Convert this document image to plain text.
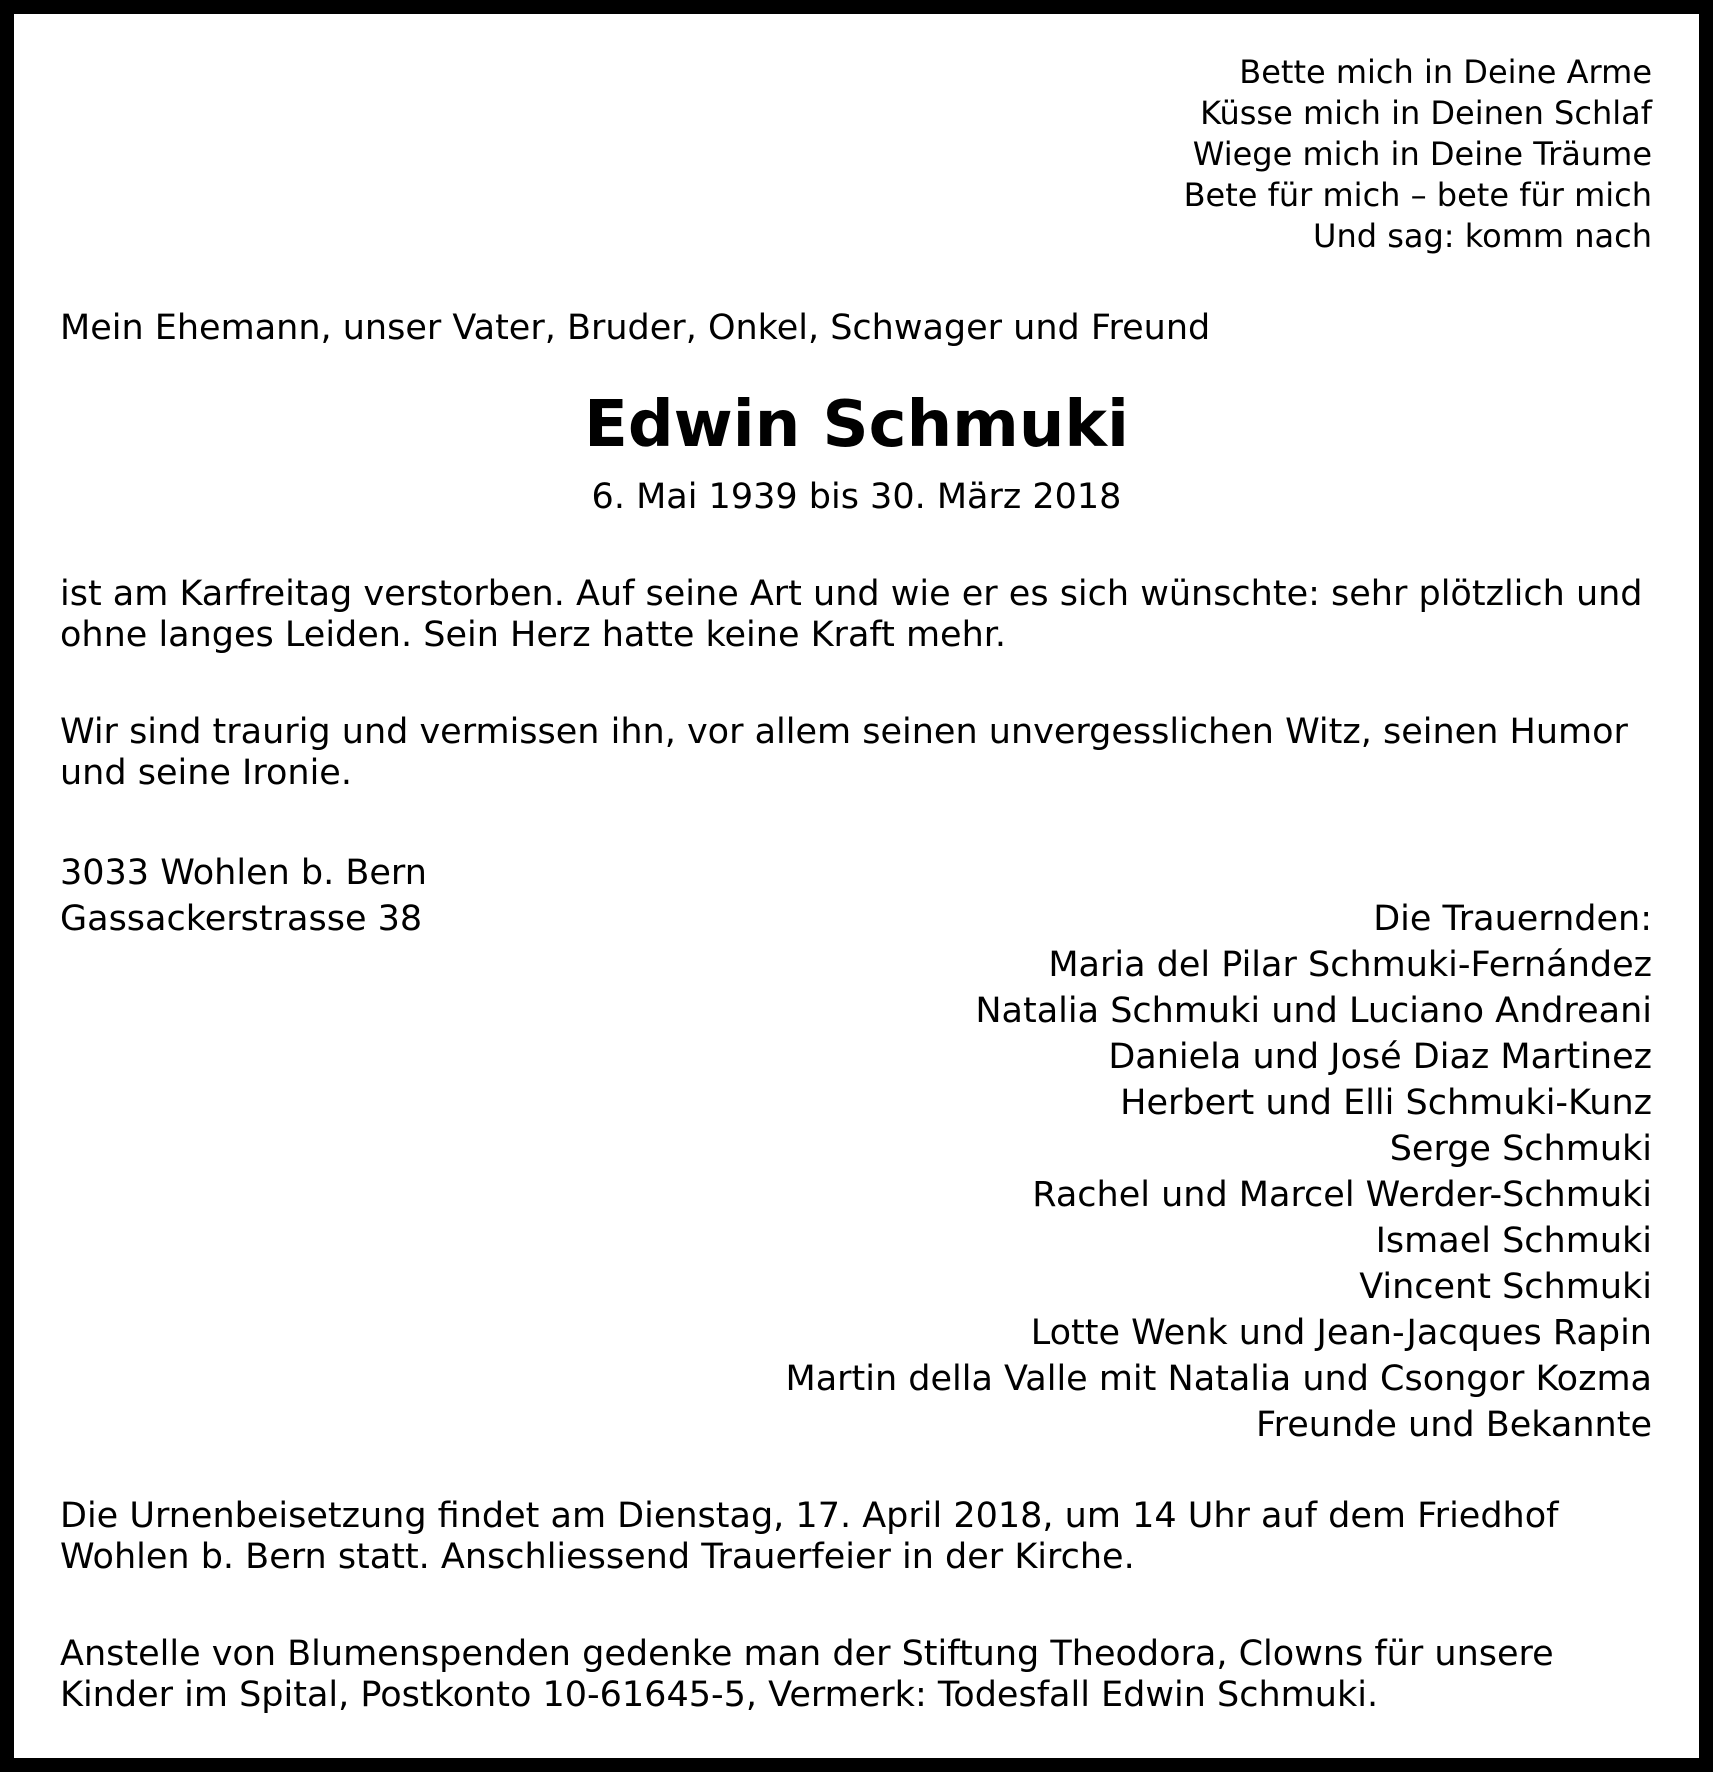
Bette mich in Deine Arme
Küsse mich in Deinen Schlaf
Wiege mich in Deine Träume
Bete für mich – bete für mich
Und sag: komm nach

Mein Ehemann, unser Vater, Bruder, Onkel, Schwager und Freund

Edwin Schmuki
6. Mai 1939 bis 30. März 2018

ist am Karfreitag verstorben. Auf seine Art und wie er es sich wünschte: sehr plötzlich und ohne langes Leiden. Sein Herz hatte keine Kraft mehr.

Wir sind traurig und vermissen ihn, vor allem seinen unvergesslichen Witz, seinen Humor und seine Ironie.

3033 Wohlen b. Bern
Gassackerstrasse 38	Die Trauernden:
Maria del Pilar Schmuki-Fernández
Natalia Schmuki und Luciano Andreani
Daniela und José Diaz Martinez
Herbert und Elli Schmuki-Kunz
Serge Schmuki
Rachel und Marcel Werder-Schmuki
Ismael Schmuki
Vincent Schmuki
Lotte Wenk und Jean-Jacques Rapin
Martin della Valle mit Natalia und Csongor Kozma
Freunde und Bekannte

Die Urnenbeisetzung findet am Dienstag, 17. April 2018, um 14 Uhr auf dem Friedhof Wohlen b. Bern statt. Anschliessend Trauerfeier in der Kirche.

Anstelle von Blumenspenden gedenke man der Stiftung Theodora, Clowns für unsere Kinder im Spital, Postkonto 10-61645-5, Vermerk: Todesfall Edwin Schmuki.
